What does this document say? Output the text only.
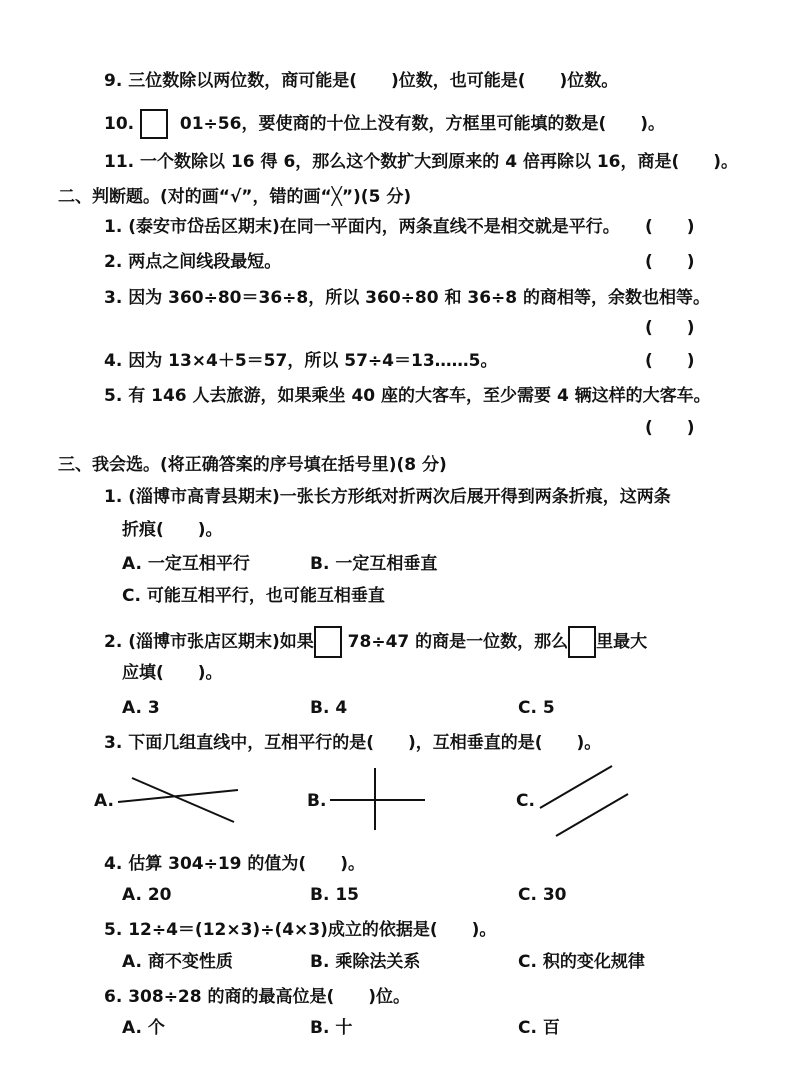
9. 三位数除以两位数，商可能是(　　)位数，也可能是(　　)位数。
10.   01÷56，要使商的十位上没有数，方框里可能填的数是(　　)。
11. 一个数除以 16 得 6，那么这个数扩大到原来的 4 倍再除以 16，商是(　　)。
二、判断题。(对的画“√”，错的画“╳”)(5 分)
1. (泰安市岱岳区期末)在同一平面内，两条直线不是相交就是平行。 (　　)
2. 两点之间线段最短。	(　　)
3. 因为 360÷80＝36÷8，所以 360÷80 和 36÷8 的商相等，余数也相等。
(　　)
4. 因为 13×4＋5＝57，所以 57÷4＝13……5。	(　　)
5. 有 146 人去旅游，如果乘坐 40 座的大客车，至少需要 4 辆这样的大客车。
(　　)
三、我会选。(将正确答案的序号填在括号里)(8 分)
1. (淄博市高青县期末)一张长方形纸对折两次后展开得到两条折痕，这两条
折痕(　　)。
A. 一定互相平行	B. 一定互相垂直
C. 可能互相平行，也可能互相垂直
2. (淄博市张店区期末)如果 78÷47 的商是一位数，那么 里最大
应填(　　)。
A. 3	B. 4	C. 5
3. 下面几组直线中，互相平行的是(　　)，互相垂直的是(　　)。
A.	B.	C.
4. 估算 304÷19 的值为(　　)。
A. 20	B. 15	C. 30
5. 12÷4＝(12×3)÷(4×3)成立的依据是(　　)。
A. 商不变性质	B. 乘除法关系	C. 积的变化规律
6. 308÷28 的商的最高位是(　　)位。
A. 个	B. 十	C. 百
